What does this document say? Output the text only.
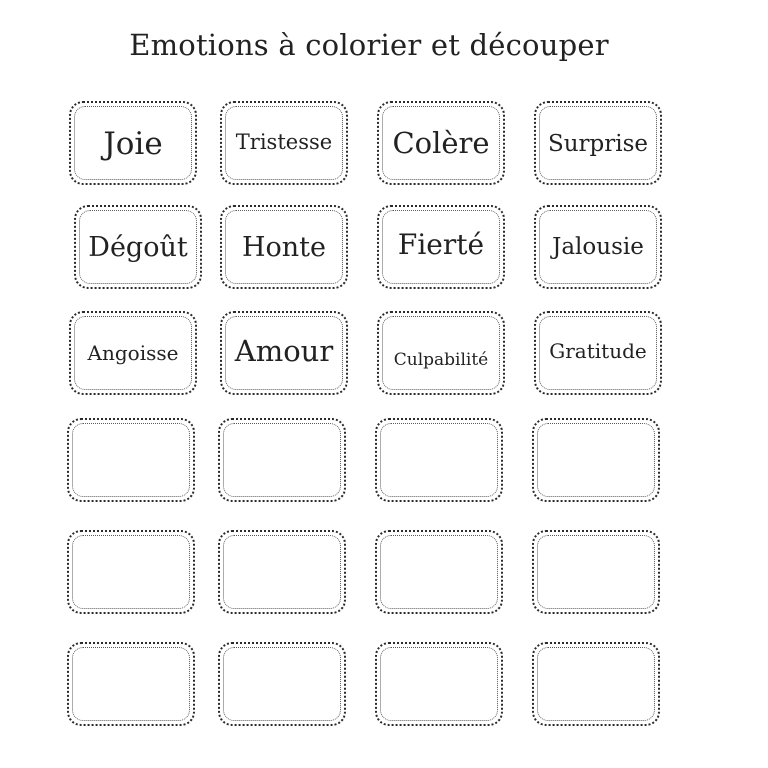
Emotions à colorier et découper
Joie	Tristesse Colère	Surprise
Dégoût Honte	Fierté	Jalousie
Angoisse Amour	Culpabilité	Gratitude
